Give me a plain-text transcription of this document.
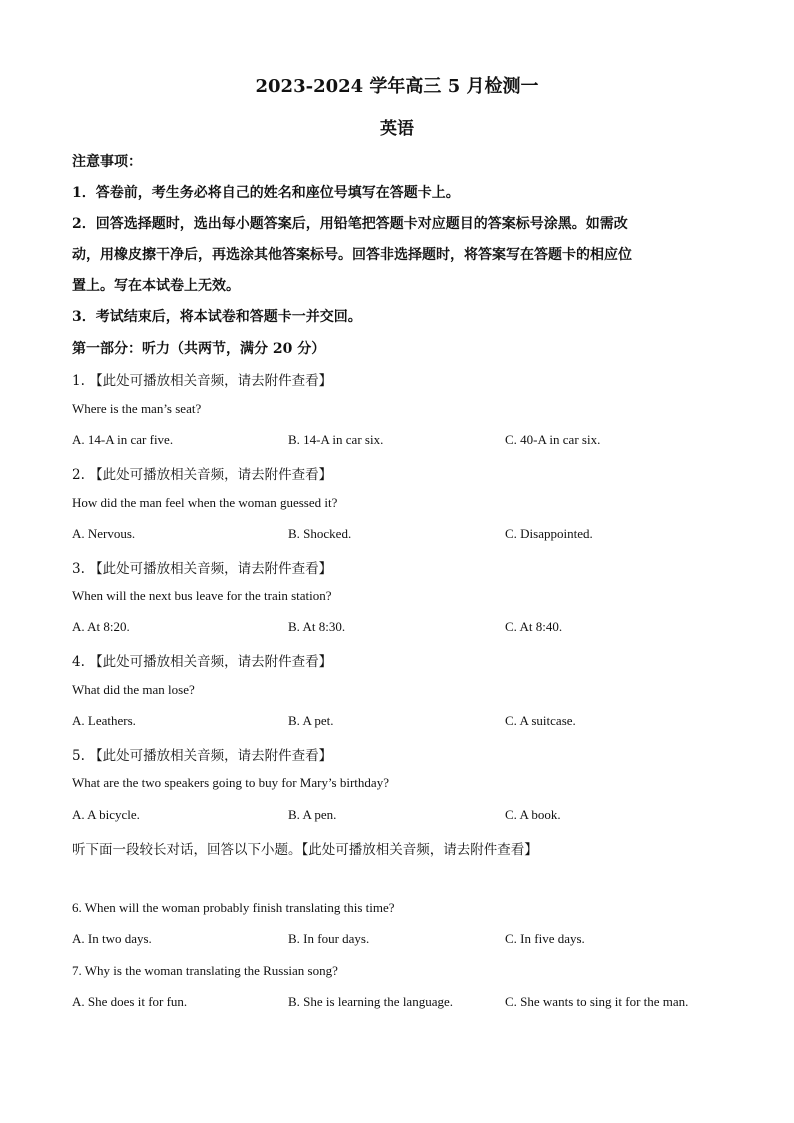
2023-2024 学年高三 5 月检测一
英语
注意事项：
1．答卷前，考生务必将自己的姓名和座位号填写在答题卡上。
2．回答选择题时，选出每小题答案后，用铅笔把答题卡对应题目的答案标号涂黑。如需改
动，用橡皮擦干净后，再选涂其他答案标号。回答非选择题时，将答案写在答题卡的相应位
置上。写在本试卷上无效。
3．考试结束后，将本试卷和答题卡一并交回。
第一部分：听力（共两节，满分 20 分）
1. 【此处可播放相关音频，请去附件查看】
Where is the man’s seat?
A. 14-A in car five.	B. 14-A in car six.	C. 40-A in car six.
2. 【此处可播放相关音频，请去附件查看】
How did the man feel when the woman guessed it?
A. Nervous.	B. Shocked.	C. Disappointed.
3. 【此处可播放相关音频，请去附件查看】
When will the next bus leave for the train station?
A. At 8:20.	B. At 8:30.	C. At 8:40.
4. 【此处可播放相关音频，请去附件查看】
What did the man lose?
A. Leathers.	B. A pet.	C. A suitcase.
5. 【此处可播放相关音频，请去附件查看】
What are the two speakers going to buy for Mary’s birthday?
A. A bicycle.	B. A pen.	C. A book.
听下面一段较长对话，回答以下小题。【此处可播放相关音频，请去附件查看】
6. When will the woman probably finish translating this time?
A. In two days.	B. In four days.	C. In five days.
7. Why is the woman translating the Russian song?
A. She does it for fun.	B. She is learning the language.	C. She wants to sing it for the man.
